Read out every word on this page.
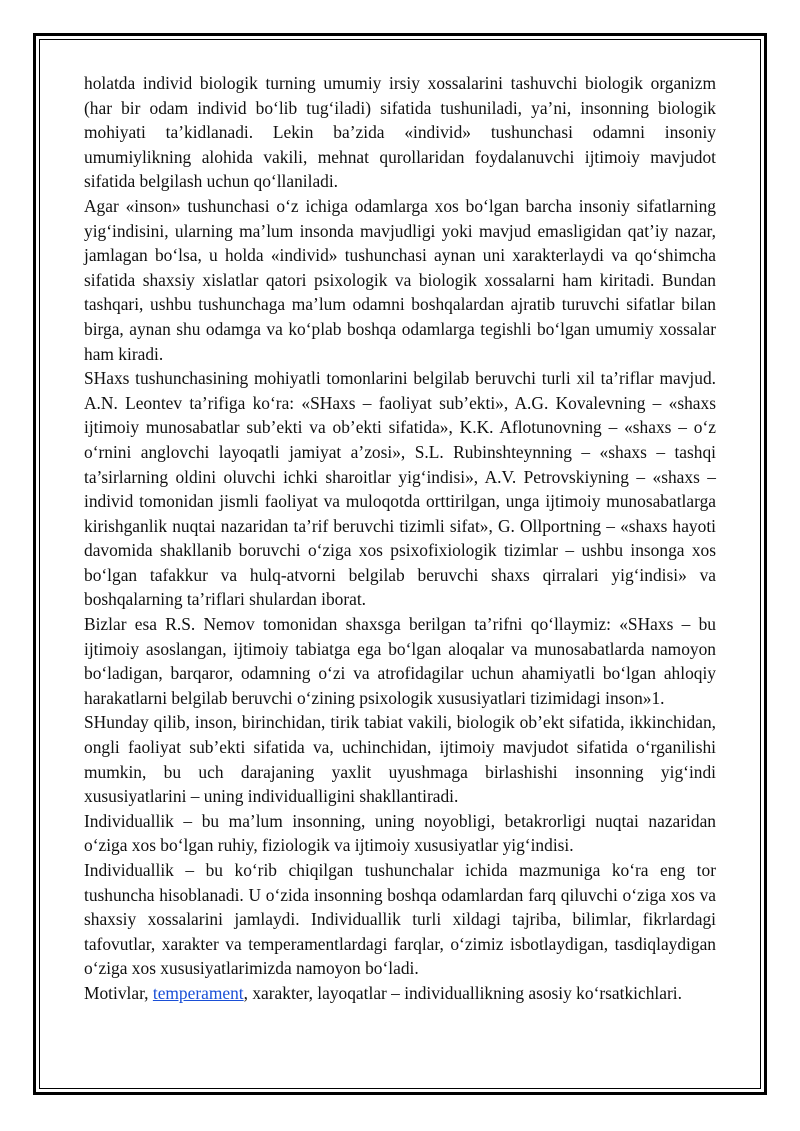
holatda individ biologik turning umumiy irsiy xossalarini tashuvchi biologik organizm (har bir odam individ bo‘lib tug‘iladi) sifatida tushuniladi, ya’ni, insonning biologik mohiyati ta’kidlanadi. Lekin ba’zida «individ» tushunchasi odamni insoniy umumiylikning alohida vakili, mehnat qurollaridan foydalanuvchi ijtimoiy mavjudot sifatida belgilash uchun qo‘llaniladi.

Agar «inson» tushunchasi o‘z ichiga odamlarga xos bo‘lgan barcha insoniy sifatlarning yig‘indisini, ularning ma’lum insonda mavjudligi yoki mavjud emasligidan qat’iy nazar, jamlagan bo‘lsa, u holda «individ» tushunchasi aynan uni xarakterlaydi va qo‘shimcha sifatida shaxsiy xislatlar qatori psixologik va biologik xossalarni ham kiritadi. Bundan tashqari, ushbu tushunchaga ma’lum odamni boshqalardan ajratib turuvchi sifatlar bilan birga, aynan shu odamga va ko‘plab boshqa odamlarga tegishli bo‘lgan umumiy xossalar ham kiradi.

SHaxs tushunchasining mohiyatli tomonlarini belgilab beruvchi turli xil ta’riflar mavjud. A.N. Leontev ta’rifiga ko‘ra: «SHaxs – faoliyat sub’ekti», A.G. Kovalevning – «shaxs ijtimoiy munosabatlar sub’ekti va ob’ekti sifatida», K.K. Aflotunovning – «shaxs – o‘z o‘rnini anglovchi layoqatli jamiyat a’zosi», S.L. Rubinshteynning – «shaxs – tashqi ta’sirlarning oldini oluvchi ichki sharoitlar yig‘indisi», A.V. Petrovskiyning – «shaxs – individ tomonidan jismli faoliyat va muloqotda orttirilgan, unga ijtimoiy munosabatlarga kirishganlik nuqtai nazaridan ta’rif beruvchi tizimli sifat», G. Ollportning – «shaxs hayoti davomida shakllanib boruvchi o‘ziga xos psixofixiologik tizimlar – ushbu insonga xos bo‘lgan tafakkur va hulq-atvorni belgilab beruvchi shaxs qirralari yig‘indisi» va boshqalarning ta’riflari shulardan iborat.

Bizlar esa R.S. Nemov tomonidan shaxsga berilgan ta’rifni qo‘llaymiz: «SHaxs – bu ijtimoiy asoslangan, ijtimoiy tabiatga ega bo‘lgan aloqalar va munosabatlarda namoyon bo‘ladigan, barqaror, odamning o‘zi va atrofidagilar uchun ahamiyatli bo‘lgan ahloqiy harakatlarni belgilab beruvchi o‘zining psixologik xususiyatlari tizimidagi inson»1.

SHunday qilib, inson, birinchidan, tirik tabiat vakili, biologik ob’ekt sifatida, ikkinchidan, ongli faoliyat sub’ekti sifatida va, uchinchidan, ijtimoiy mavjudot sifatida o‘rganilishi mumkin, bu uch darajaning yaxlit uyushmaga birlashishi insonning yig‘indi xususiyatlarini – uning individualligini shakllantiradi.

Individuallik – bu ma’lum insonning, uning noyobligi, betakrorligi nuqtai nazaridan o‘ziga xos bo‘lgan ruhiy, fiziologik va ijtimoiy xususiyatlar yig‘indisi.

Individuallik – bu ko‘rib chiqilgan tushunchalar ichida mazmuniga ko‘ra eng tor tushuncha hisoblanadi. U o‘zida insonning boshqa odamlardan farq qiluvchi o‘ziga xos va shaxsiy xossalarini jamlaydi. Individuallik turli xildagi tajriba, bilimlar, fikrlardagi tafovutlar, xarakter va temperamentlardagi farqlar, o‘zimiz isbotlaydigan, tasdiqlaydigan o‘ziga xos xususiyatlarimizda namoyon bo‘ladi.

Motivlar, temperament, xarakter, layoqatlar – individuallikning asosiy ko‘rsatkichlari.
